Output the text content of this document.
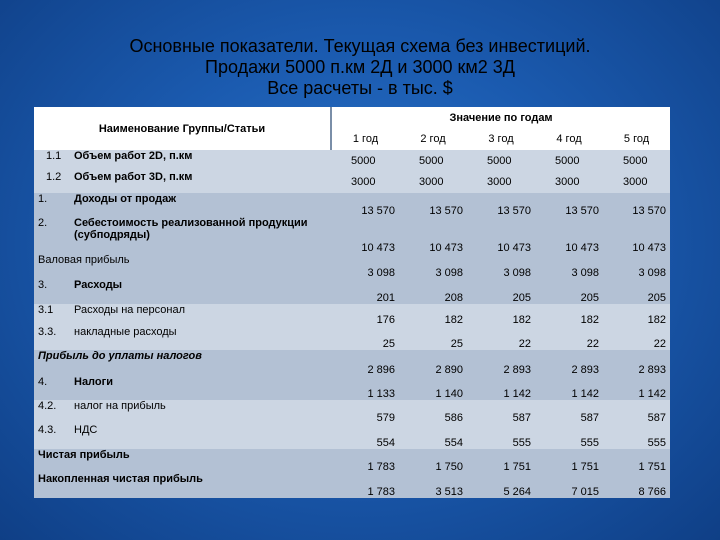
Основные показатели. Текущая схема без инвестиций.
Продажи 5000 п.км 2Д и 3000 км2 3Д
Все расчеты - в тыс. $
Наименование Группы/Статьи		Значение по годам				
		1 год	2 год	3 год	4 год	5 год
1.1	Объем работ 2D, п.км	5000	5000	5000	5000	5000
1.2	Объем работ 3D, п.км	3000	3000	3000	3000	3000
1.	Доходы от продаж	13 570	13 570	13 570	13 570	13 570
2.	Себестоимость реализованной продукции (субподряды)	10 473	10 473	10 473	10 473	10 473
Валовая прибыль		3 098	3 098	3 098	3 098	3 098
3.	Расходы	201	208	205	205	205
3.1	Расходы на персонал	176	182	182	182	182
3.3.	накладные расходы	25	25	22	22	22
Прибыль до уплаты налогов		2 896	2 890	2 893	2 893	2 893
4.	Налоги	1 133	1 140	1 142	1 142	1 142
4.2.	налог на прибыль	579	586	587	587	587
4.3.	НДС	554	554	555	555	555
Чистая прибыль		1 783	1 750	1 751	1 751	1 751
Накопленная чистая прибыль		1 783	3 513	5 264	7 015	8 766
